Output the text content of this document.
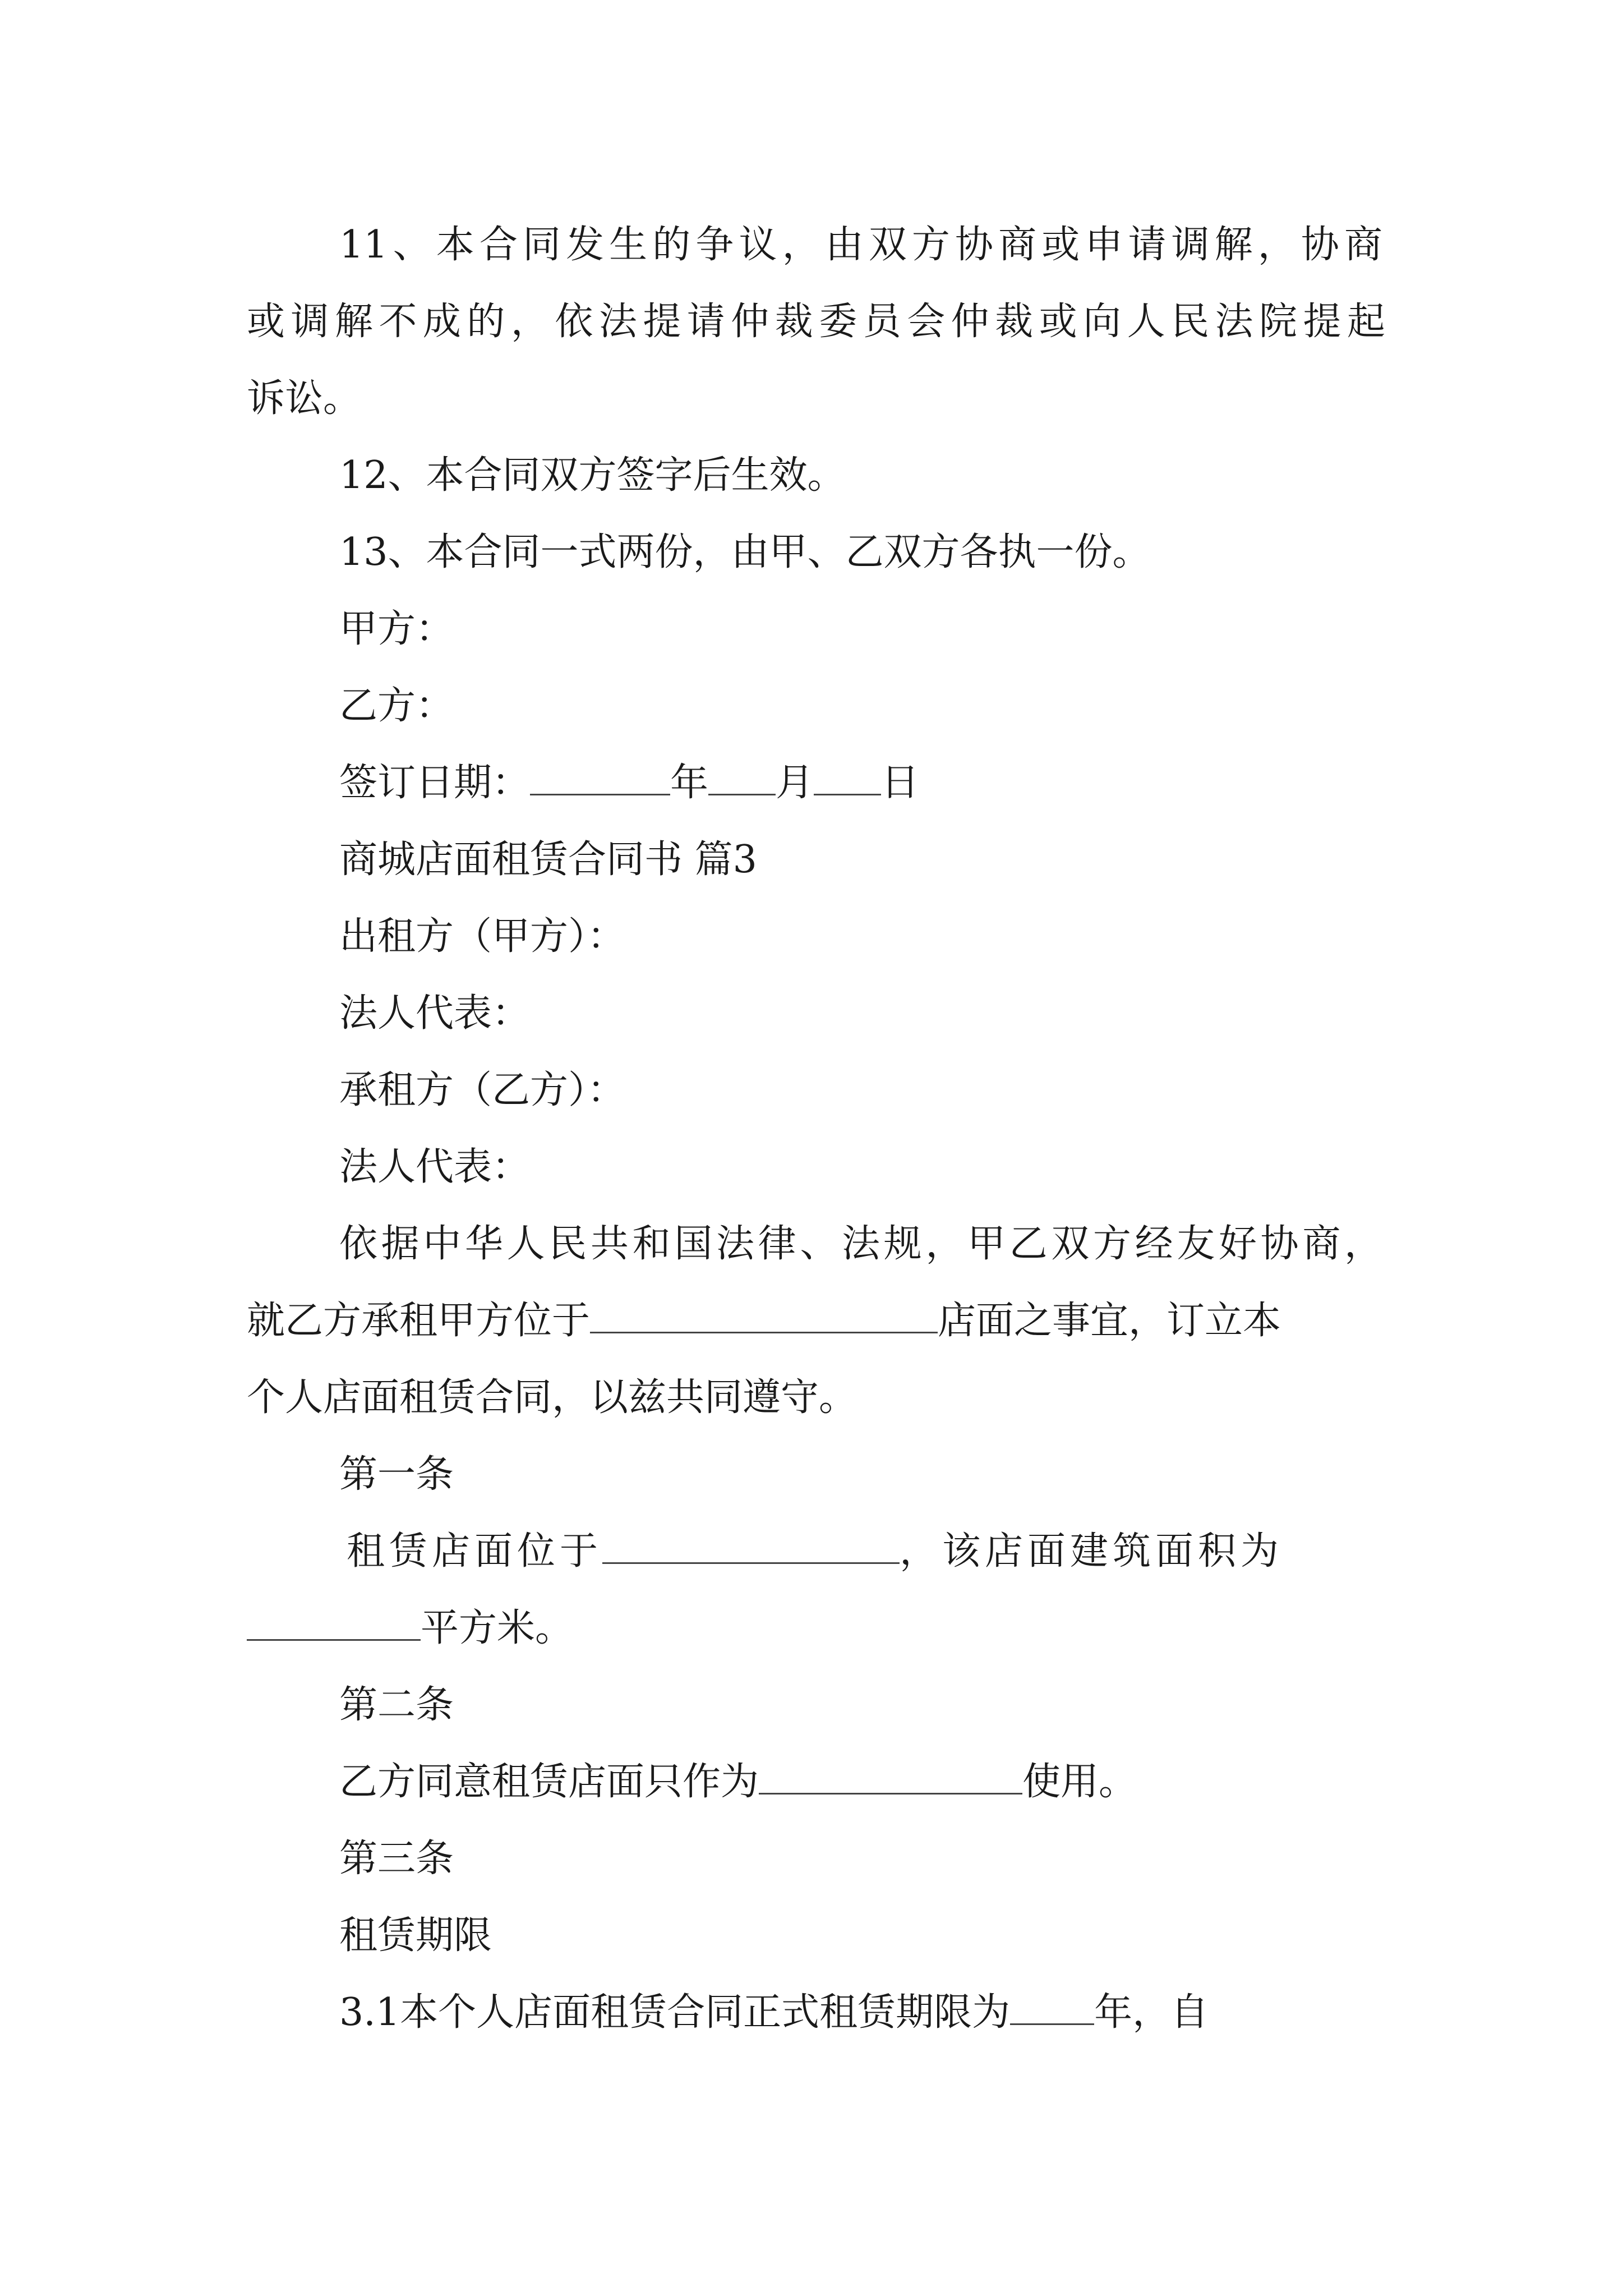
11、本合同发生的争议，由双方协商或申请调解，协商
或调解不成的，依法提请仲裁委员会仲裁或向人民法院提起
诉讼。
12、本合同双方签字后生效。
13、本合同一式两份，由甲、乙双方各执一份。
甲方：
乙方：
签订日期：	年 月 日
商城店面租赁合同书 篇3
出租方（甲方）：
法人代表：
承租方（乙方）：
法人代表：
依据中华人民共和国法律、法规，甲乙双方经友好协商，
就乙方承租甲方位于	店面之事宜，订立本
个人店面租赁合同，以兹共同遵守。
第一条
租赁店面位于	，该店面建筑面积为
平方米。
第二条
乙方同意租赁店面只作为	使用。
第三条
租赁期限
3.1本个人店面租赁合同正式租赁期限为 年，自
